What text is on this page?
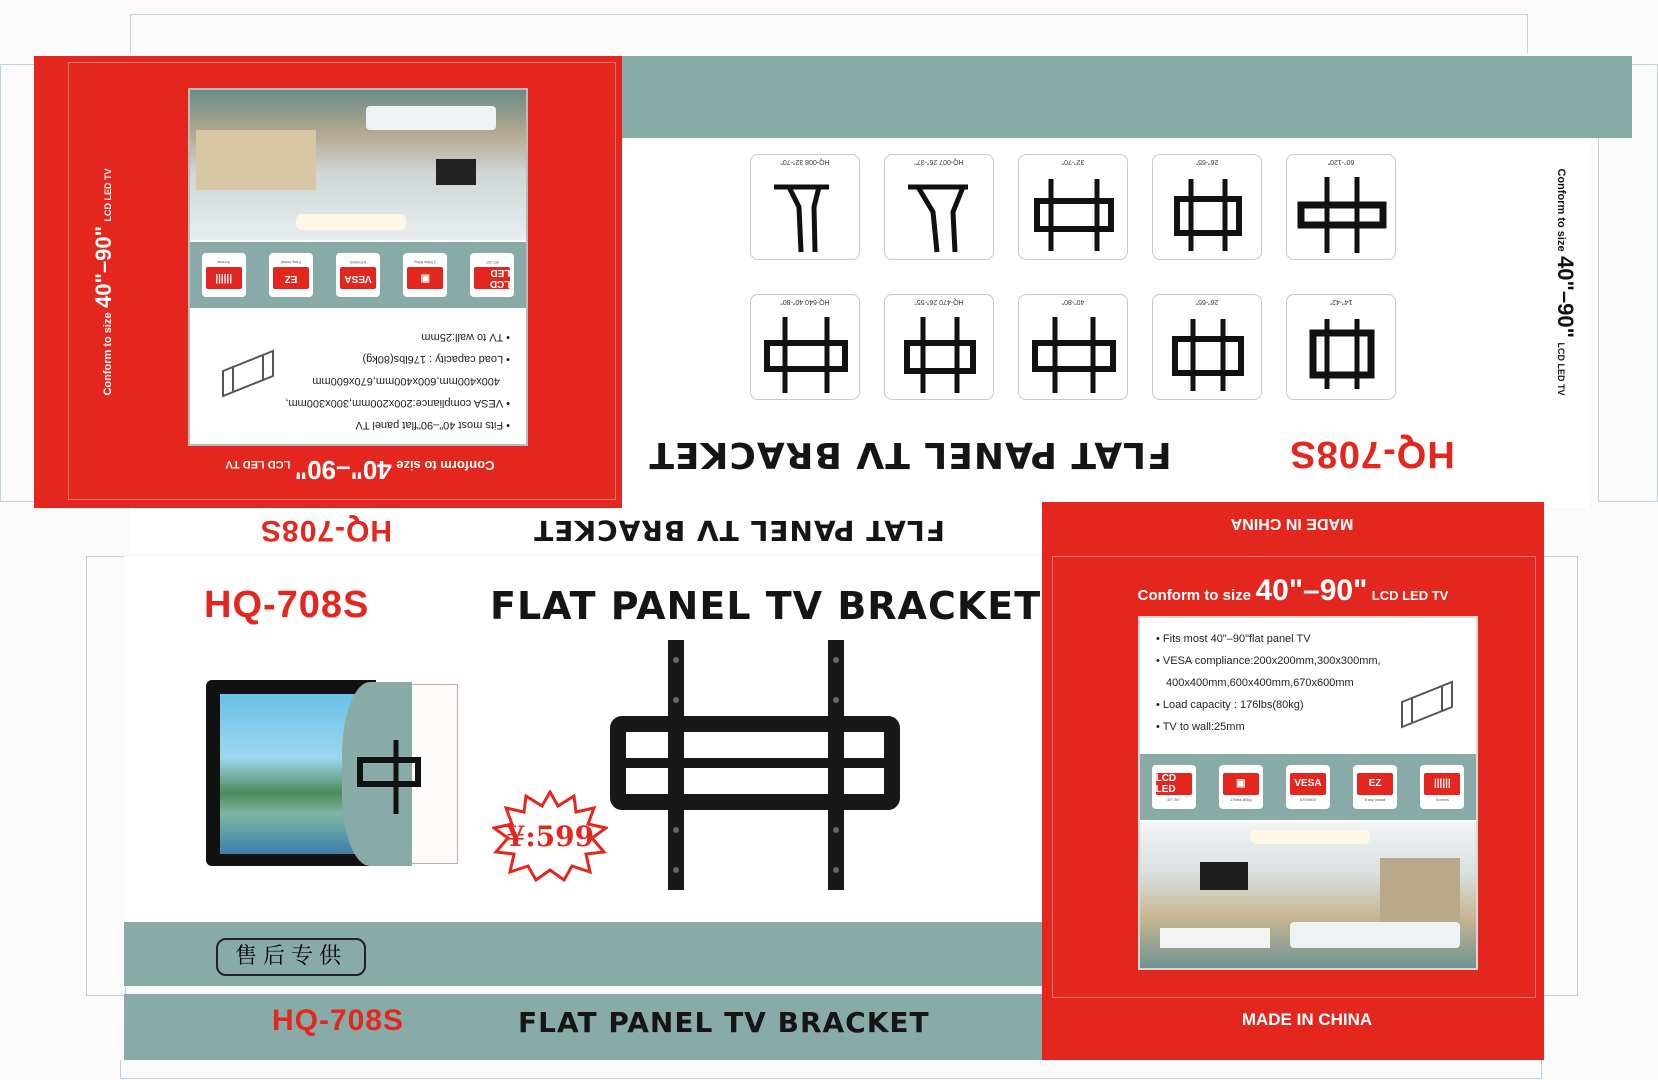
• Fits most 40"–90"flat panel TV
• VESA compliance:200x200mm,300x300mm,
400x400mm,600x400mm,670x600mm
• Load capacity : 176lbs(80kg)
• TV to wall:25mm
LCD LED
40"-90"
▣
176lbs 80kg
VESA
670X600
EZ
Easy install
||||||
Screws
Conform to size 40"–90" LCD LED TV
Conform to size 40"–90" LCD LED TV
HQ-008 32"-70"	HQ-007 26"-37"	32"-70"	26"-65"	60"-120"
HQ-640 40"-80"	HQ-470 26"-55"	40"-80"	26"-65"	14"-42"
FLAT PANEL TV BRACKET	HQ-708S
Conform to size 40"–90" LCD LED TV
HQ-708S	FLAT PANEL TV BRACKET
HQ-708S	FLAT PANEL TV BRACKET
¥:599
售后专供
HQ-708S	FLAT PANEL TV BRACKET
MADE IN CHINA
Conform to size 40"–90" LCD LED TV
• Fits most 40"–90"flat panel TV
• VESA compliance:200x200mm,300x300mm,
400x400mm,600x400mm,670x600mm
• Load capacity : 176lbs(80kg)
• TV to wall:25mm
LCD LED
40"-90"
▣
176lbs 80kg
VESA
670X600
EZ
Easy install
||||||
Screws
MADE IN CHINA
